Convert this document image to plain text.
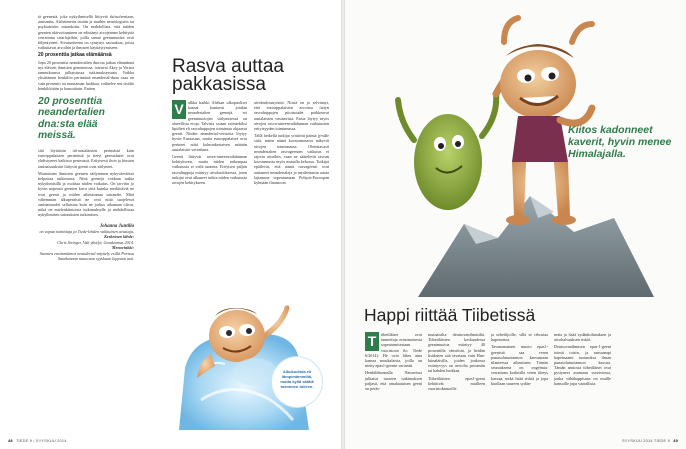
tä geenestä, joka nykyihmisellä liittyvät skitsofreniaan, autismiin, Alzheimerin tautiin ja muihin neurologisiin tai psykiatrisiin sairauksiin. On mahdollista, että näiden geenien aktivoituminen on edistänyt aivojemme kehitystä verrattuna sisarlajeihin, joilla samat geenimuodot ovat hiljentyneet. Sivutuotteena on syntynyt sairauksia, joista vaikuttavat aivoihin ja ihmisen käyttäytymiseen.

20 prosenttia jatkaa elämäänsä

Jopa 20 prosenttia neandertalien dna:sta jatkaa elämäänsä nyt elävien ihmisten genomeissa, toteavat Akey ja Vernot tammikuussa julkaistussa tutkimuksessaan. Vaikka yksittäinen henkilön perimästä neandertal-dnaa osaa on vain prosentti tai muutaman luokkaa, vaihtelee sen sisältö henkilöittäin ja kansoittain. Eniten

20 prosenttia neandertalien dna:sta elää meissä.

sitä löytäisiin itä-aasialaisten perimästä kuin eurooppalaisten perimästä ja tietyt geenialueet ovat yhdistyneet kaikissa perimissä. Erityisesti ihon ja hiusten ominaisuuksiin liittyvät geenit ovat säilyneet.

Muinaisten ihmisten geenien säilyminen nykyväestössä helpottaa tutkimusta. Niitä geenejä voidaan tutkia nykyihmisillä ja osoittaa niiden vaikutus. On tarvittu jo hyvin nopeasti geenien kuva siitä kuinka merkittäviä ne ovat geenit ja niiden aiheuttamat sairaudet. Mitä vähemmän alkuperäisiä ne ovat niitä suojelevat ominaisuudet sellaisina kuin ne joskus aikanaan olivat, mikä on mielenkiintoista tutkimukselle ja mahdollistaa nykyihmisen sairauksien tutkimisen.

Johanna Juntilla
on vapaa toimittaja ja Tiede-lehden vakituinen avustaja.
Keskeinen lähde:
Chris Stringer, Valt yksi/jä, Gaudeamus 2014.
Menovinkki:
Suomen ensimmäinen neandertal-näyttely esillä Porissa Satakunnan museossa syyskuun loppuun asti.
Rasva auttaa pakkasissa

V	alkka kaikki Afrikan ulkopuoliset kansat kantavat jotakin neandertalien geenejä, eri geenimuotojen säilymisessä on alueellista eroja. Talvisia osiaan esimerkiksi lipidien eli rasvahappojen toimintaa ohjaavat geenit. Niiden neandertal-versioita löytyy hyvin Euraasian, mutta eurooppalaiset ovat perineet niitä kolminkertaisen määrän aasialaisiin verrattuna.

Geenit liittyvät rasva-aineenvaihdunnan kehitykseen, mutta niiden tarkempaa vaikutusta ei vielä tunneta. Erityisen paljon rasvahappoja esiintyy aivokudoksessa, joten tutkijat ovat alkaneet tutkia niiden vaikutusta aivojen kehitykseen.

aivokudosmyöntö. Niistä on jo selvinnyt, että eurooppalaisten aivoissa tietyn rasvahappojen pitoisuudet poikkeavat aasialaisten vastaavista. Ensia löytyy myös aivojen rasva-aineenvaihdunnan vaikutusten erityisyyden toiminnassa.

Tällä hetkellä tutkijat yrittävät päästä jyvälle siitä, miten nämä koostumuserot näkyvät aivojen toiminnassa. Oletettavasti neandertalien rasvageenien vaikutus ei rajoitu aivoihin, vaan ne säätelevät rasvan koostumusta myös muualla kehossa. Tutkijat epäilevät, että nämä rasvageenit ovat auttaneet neandertaleja ja myöhemmin omaa lajiamme sopeutumaan Pohjois-Euroopan kylmään ilmastoon.

Alkukodista eli lämpimämmiltä, mutta kyllä säätiä toimimen tulleen.
48 TIEDE 9 / SYYSKUU 2014
Kiitos kadonneet kaverit, hyvin menee Himalajalla.
Happi riittää Tiibetissä

T	iibetiläiset ovat tunnettuja erinomaisesta sopeutumisestaan vuoristoon ilo. Tiede 6/2014): He ovat lähes aina kanssa muukalaisia, joilla on nietty epas1-geenin variantti.

Henkilökunnalla Natureissa julkaisu tuoreen tutkimuksen paljasti, että omalaatuisen geeni on peräs-

muinaisilta denisovanihmisiltä. Tiibetiläisten keskuudessa geenimuotoa esiintyy 40 prosentilla väestöstä, ja heidän lisäkseen sitä tavataan vain Han-kiinalaisilla, joiden joukossa esiintyvyys on arviolta prosentin tai kahden luokkaa.

Tiibetiläisten epas1-geeni kehittivät muilleen vuoristokansoille

ja urheilijoille, sillä se tehostaa hapenottoa.

Tavanomainen muoto epas1-geenistä saa veren punasolutuotannon kasvamaan tilanteessa aiheuttaen. Tämän seurauksena on ongelmia: verrattuna korkealla veren tiheys kasvaa, mikä lisää riskiä ja jopa kuollaan suureen sydän-

netta ja lisää sydänkohtauksen ja aivohalvauksen riskiä.

Denisovanihmisen epas-1-geeni toimii toisin, ja runsaampi hapensaanti tuonnoksa ilman punasolutuotannon kasvua. Tämän ansiosta tiibetiläiset ovat pystyneet asumaan vuoristossa, jonka vähähappisuus on muille kansoille jopa vaarallista.

SYYSKUU 2014 TIEDE 9 49
